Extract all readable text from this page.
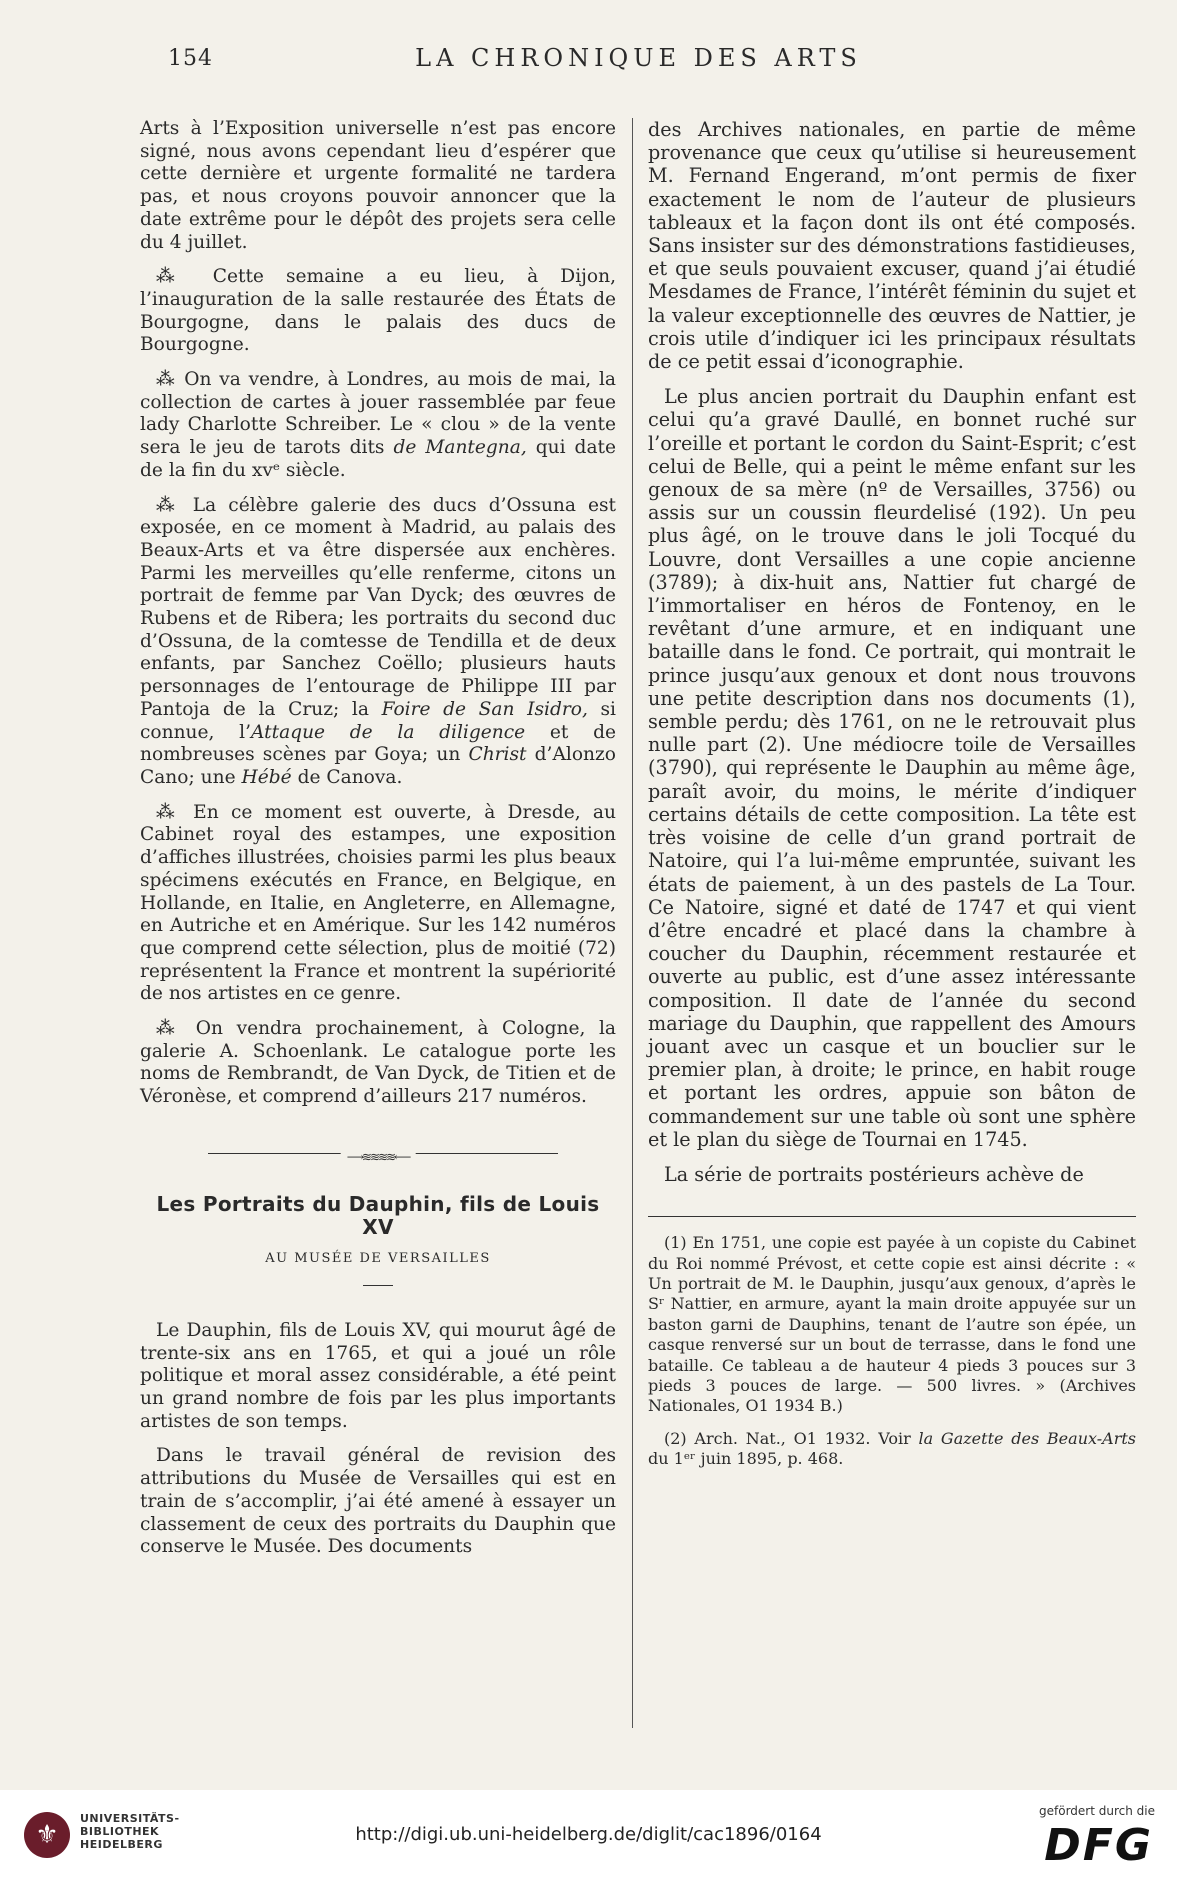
154	LA CHRONIQUE DES ARTS

Arts à l’Exposition universelle n’est pas encore signé, nous avons cependant lieu d’espérer que cette dernière et urgente formalité ne tardera pas, et nous croyons pouvoir annoncer que la date extrême pour le dépôt des projets sera celle du 4 juillet.

⁂ Cette semaine a eu lieu, à Dijon, l’inauguration de la salle restaurée des États de Bourgogne, dans le palais des ducs de Bourgogne.

⁂ On va vendre, à Londres, au mois de mai, la collection de cartes à jouer rassemblée par feue lady Charlotte Schreiber. Le « clou » de la vente sera le jeu de tarots dits de Mantegna, qui date de la fin du xvᵉ siècle.

⁂ La célèbre galerie des ducs d’Ossuna est exposée, en ce moment à Madrid, au palais des Beaux-Arts et va être dispersée aux enchères. Parmi les merveilles qu’elle renferme, citons un portrait de femme par Van Dyck; des œuvres de Rubens et de Ribera; les portraits du second duc d’Ossuna, de la comtesse de Tendilla et de deux enfants, par Sanchez Coëllo; plusieurs hauts personnages de l’entourage de Philippe III par Pantoja de la Cruz; la Foire de San Isidro, si connue, l’Attaque de la diligence et de nombreuses scènes par Goya; un Christ d’Alonzo Cano; une Hébé de Canova.

⁂ En ce moment est ouverte, à Dresde, au Cabinet royal des estampes, une exposition d’affiches illustrées, choisies parmi les plus beaux spécimens exécutés en France, en Belgique, en Hollande, en Italie, en Angleterre, en Allemagne, en Autriche et en Amérique. Sur les 142 numéros que comprend cette sélection, plus de moitié (72) représentent la France et montrent la supériorité de nos artistes en ce genre.

⁂ On vendra prochainement, à Cologne, la galerie A. Schoenlank. Le catalogue porte les noms de Rembrandt, de Van Dyck, de Titien et de Véronèse, et comprend d’ailleurs 217 numéros.

⟶≋≋≋≋⟵
Les Portraits du Dauphin, fils de Louis XV
AU MUSÉE DE VERSAILLES

Le Dauphin, fils de Louis XV, qui mourut âgé de trente-six ans en 1765, et qui a joué un rôle politique et moral assez considérable, a été peint un grand nombre de fois par les plus importants artistes de son temps.

Dans le travail général de revision des attributions du Musée de Versailles qui est en train de s’accomplir, j’ai été amené à essayer un classement de ceux des portraits du Dauphin que conserve le Musée. Des documents

des Archives nationales, en partie de même provenance que ceux qu’utilise si heureusement M. Fernand Engerand, m’ont permis de fixer exactement le nom de l’auteur de plusieurs tableaux et la façon dont ils ont été composés. Sans insister sur des démonstrations fastidieuses, et que seuls pouvaient excuser, quand j’ai étudié Mesdames de France, l’intérêt féminin du sujet et la valeur exceptionnelle des œuvres de Nattier, je crois utile d’indiquer ici les principaux résultats de ce petit essai d’iconographie.

Le plus ancien portrait du Dauphin enfant est celui qu’a gravé Daullé, en bonnet ruché sur l’oreille et portant le cordon du Saint-Esprit; c’est celui de Belle, qui a peint le même enfant sur les genoux de sa mère (nº de Versailles, 3756) ou assis sur un coussin fleurdelisé (192). Un peu plus âgé, on le trouve dans le joli Tocqué du Louvre, dont Versailles a une copie ancienne (3789); à dix-huit ans, Nattier fut chargé de l’immortaliser en héros de Fontenoy, en le revêtant d’une armure, et en indiquant une bataille dans le fond. Ce portrait, qui montrait le prince jusqu’aux genoux et dont nous trouvons une petite description dans nos documents (1), semble perdu; dès 1761, on ne le retrouvait plus nulle part (2). Une médiocre toile de Versailles (3790), qui représente le Dauphin au même âge, paraît avoir, du moins, le mérite d’indiquer certains détails de cette composition. La tête est très voisine de celle d’un grand portrait de Natoire, qui l’a lui-même empruntée, suivant les états de paiement, à un des pastels de La Tour. Ce Natoire, signé et daté de 1747 et qui vient d’être encadré et placé dans la chambre à coucher du Dauphin, récemment restaurée et ouverte au public, est d’une assez intéressante composition. Il date de l’année du second mariage du Dauphin, que rappellent des Amours jouant avec un casque et un bouclier sur le premier plan, à droite; le prince, en habit rouge et portant les ordres, appuie son bâton de commandement sur une table où sont une sphère et le plan du siège de Tournai en 1745.

La série de portraits postérieurs achève de

(1) En 1751, une copie est payée à un copiste du Cabinet du Roi nommé Prévost, et cette copie est ainsi décrite : « Un portrait de M. le Dauphin, jusqu’aux genoux, d’après le Sʳ Nattier, en armure, ayant la main droite appuyée sur un baston garni de Dauphins, tenant de l’autre son épée, un casque renversé sur un bout de terrasse, dans le fond une bataille. Ce tableau a de hauteur 4 pieds 3 pouces sur 3 pieds 3 pouces de large. — 500 livres. » (Archives Nationales, O1 1934 B.)

(2) Arch. Nat., O1 1932. Voir la Gazette des Beaux-Arts du 1ᵉʳ juin 1895, p. 468.

⚜
UNIVERSITÄTS-
BIBLIOTHEK
HEIDELBERG	http://digi.ub.uni-heidelberg.de/diglit/cac1896/0164
gefördert durch die
DFG
